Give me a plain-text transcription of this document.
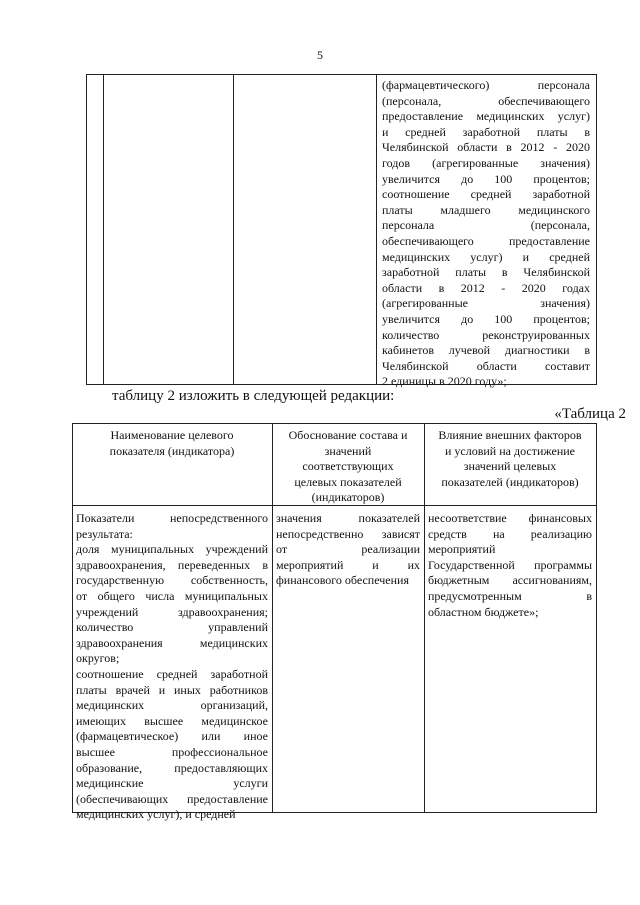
5
(фармацевтического) персонала
(персонала, обеспечивающего
предоставление медицинских услуг)
и средней заработной платы в
Челябинской области в 2012 - 2020
годов (агрегированные значения)
увеличится до 100 процентов;
соотношение средней заработной
платы младшего медицинского
персонала (персонала,
обеспечивающего предоставление
медицинских услуг) и средней
заработной платы в Челябинской
области в 2012 - 2020 годах
(агрегированные значения)
увеличится до 100 процентов;
количество реконструированных
кабинетов лучевой диагностики в
Челябинской области составит
2 единицы в 2020 году»;
таблицу 2 изложить в следующей редакции:
«Таблица 2
Наименование целевого
показателя (индикатора)
Обоснование состава и
значений
соответствующих
целевых показателей
(индикаторов)
Влияние внешних факторов
и условий на достижение
значений целевых
показателей (индикаторов)
Показатели непосредственного
результата:
доля муниципальных учреждений
здравоохранения, переведенных в
государственную собственность,
от общего числа муниципальных
учреждений здравоохранения;
количество управлений
здравоохранения медицинских
округов;
соотношение средней заработной
платы врачей и иных работников
медицинских организаций,
имеющих высшее медицинское
(фармацевтическое) или иное
высшее профессиональное
образование, предоставляющих
медицинские услуги
(обеспечивающих предоставление
медицинских услуг), и средней
значения показателей
непосредственно зависят
от реализации
мероприятий и их
финансового обеспечения
несоответствие финансовых
средств на реализацию
мероприятий
Государственной программы
бюджетным ассигнованиям,
предусмотренным в
областном бюджете»;
